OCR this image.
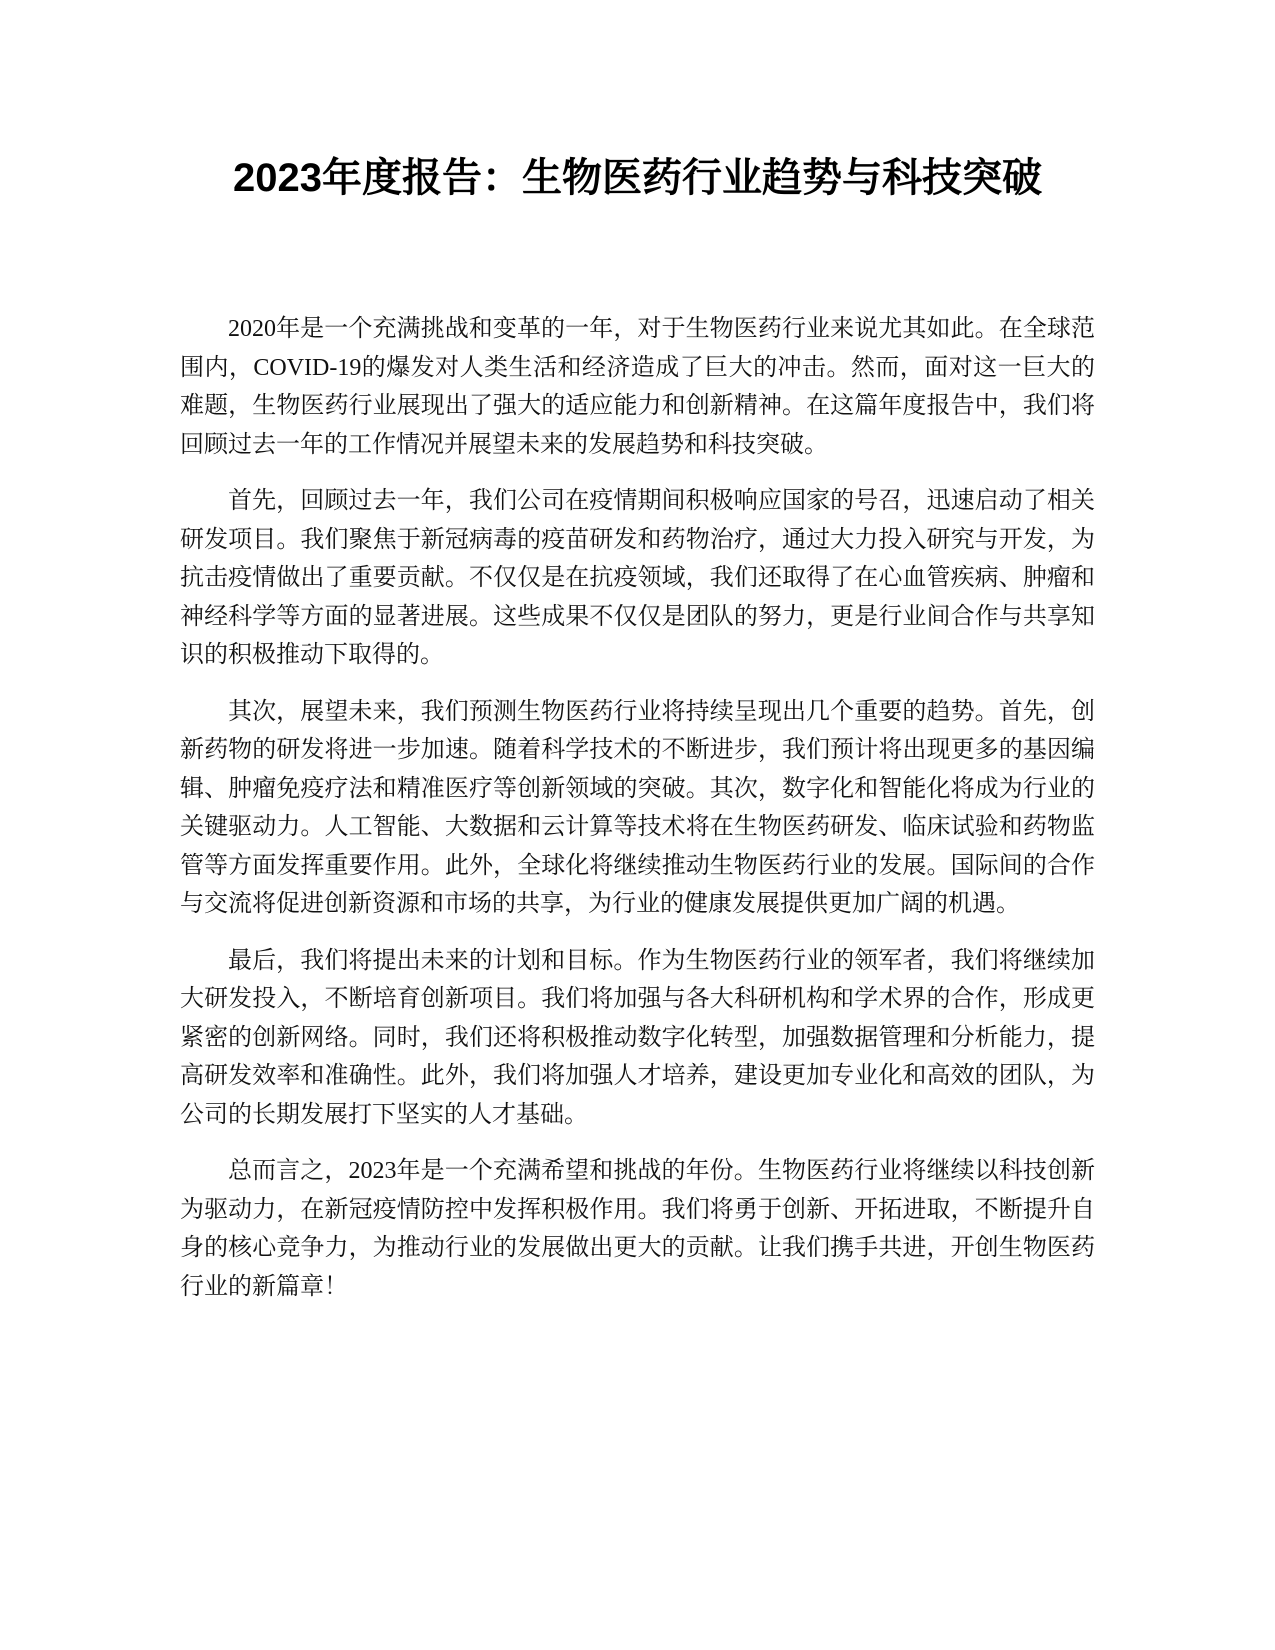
2023年度报告：生物医药行业趋势与科技突破

2020年是一个充满挑战和变革的一年，对于生物医药行业来说尤其如此。在全球范围内，COVID-19的爆发对人类生活和经济造成了巨大的冲击。然而，面对这一巨大的难题，生物医药行业展现出了强大的适应能力和创新精神。在这篇年度报告中，我们将回顾过去一年的工作情况并展望未来的发展趋势和科技突破。

首先，回顾过去一年，我们公司在疫情期间积极响应国家的号召，迅速启动了相关研发项目。我们聚焦于新冠病毒的疫苗研发和药物治疗，通过大力投入研究与开发，为抗击疫情做出了重要贡献。不仅仅是在抗疫领域，我们还取得了在心血管疾病、肿瘤和神经科学等方面的显著进展。这些成果不仅仅是团队的努力，更是行业间合作与共享知识的积极推动下取得的。

其次，展望未来，我们预测生物医药行业将持续呈现出几个重要的趋势。首先，创新药物的研发将进一步加速。随着科学技术的不断进步，我们预计将出现更多的基因编辑、肿瘤免疫疗法和精准医疗等创新领域的突破。其次，数字化和智能化将成为行业的关键驱动力。人工智能、大数据和云计算等技术将在生物医药研发、临床试验和药物监管等方面发挥重要作用。此外，全球化将继续推动生物医药行业的发展。国际间的合作与交流将促进创新资源和市场的共享，为行业的健康发展提供更加广阔的机遇。

最后，我们将提出未来的计划和目标。作为生物医药行业的领军者，我们将继续加大研发投入，不断培育创新项目。我们将加强与各大科研机构和学术界的合作，形成更紧密的创新网络。同时，我们还将积极推动数字化转型，加强数据管理和分析能力，提高研发效率和准确性。此外，我们将加强人才培养，建设更加专业化和高效的团队，为公司的长期发展打下坚实的人才基础。

总而言之，2023年是一个充满希望和挑战的年份。生物医药行业将继续以科技创新为驱动力，在新冠疫情防控中发挥积极作用。我们将勇于创新、开拓进取，不断提升自身的核心竞争力，为推动行业的发展做出更大的贡献。让我们携手共进，开创生物医药行业的新篇章！
